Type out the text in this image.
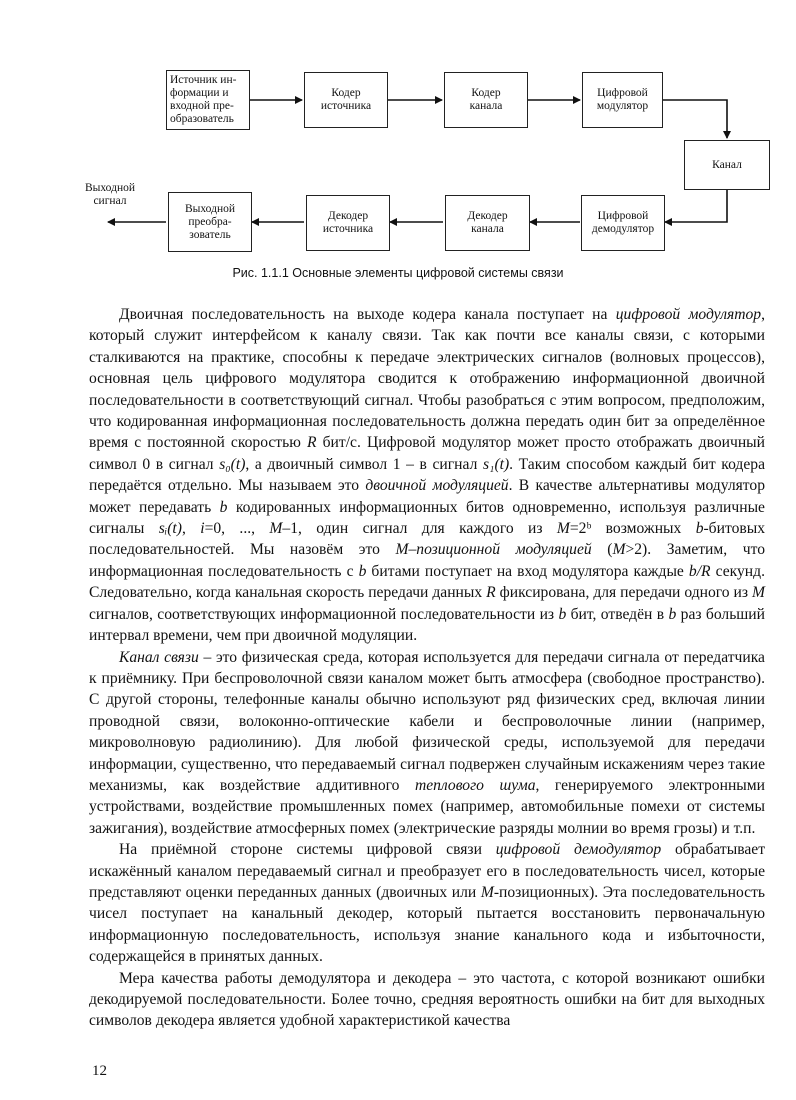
Источник ин-
формации и
входной пре-
образователь
Кодер
источника
Кодер
канала
Цифровой
модулятор
Канал
Цифровой
демодулятор
Декодер
канала
Декодер
источника
Выходной
преобра-
зователь
Выходной
сигнал
Рис. 1.1.1 Основные элементы цифровой системы связи

Двоичная последовательность на выходе кодера канала поступает на цифровой модулятор, который служит интерфейсом к каналу связи. Так как почти все каналы связи, с которыми сталкиваются на практике, способны к передаче электрических сигналов (волновых процессов), основная цель цифрового модулятора сводится к отображению информационной двоичной последовательности в соответствующий сигнал. Чтобы разобраться с этим вопросом, предположим, что кодированная информационная последовательность должна передать один бит за определённое время с постоянной скоростью R бит/с. Цифровой модулятор может просто отображать двоичный символ 0 в сигнал s₀(t), а двоичный символ 1 – в сигнал s₁(t). Таким способом каждый бит кодера передаётся отдельно. Мы называем это двоичной модуляцией. В качестве альтернативы модулятор может передавать b кодированных информационных битов одновременно, используя различные сигналы sᵢ(t), i=0, ..., M–1, один сигнал для каждого из M=2ᵇ возможных b-битовых последовательностей. Мы назовём это M–позиционной модуляцией (M>2). Заметим, что информационная последовательность с b битами поступает на вход модулятора каждые b/R секунд. Следовательно, когда канальная скорость передачи данных R фиксирована, для передачи одного из M сигналов, соответствующих информационной последовательности из b бит, отведён в b раз больший интервал времени, чем при двоичной модуляции.

Канал связи – это физическая среда, которая используется для передачи сигнала от передатчика к приёмнику. При беспроволочной связи каналом может быть атмосфера (свободное пространство). С другой стороны, телефонные каналы обычно используют ряд физических сред, включая линии проводной связи, волоконно-оптические кабели и беспроволочные линии (например, микроволновую радиолинию). Для любой физической среды, используемой для передачи информации, существенно, что передаваемый сигнал подвержен случайным искажениям через такие механизмы, как воздействие аддитивного теплового шума, генерируемого электронными устройствами, воздействие промышленных помех (например, автомобильные помехи от системы зажигания), воздействие атмосферных помех (электрические разряды молнии во время грозы) и т.п.

На приёмной стороне системы цифровой связи цифровой демодулятор обрабатывает искажённый каналом передаваемый сигнал и преобразует его в последовательность чисел, которые представляют оценки переданных данных (двоичных или M-позиционных). Эта последовательность чисел поступает на канальный декодер, который пытается восстановить первоначальную информационную последовательность, используя знание канального кода и избыточности, содержащейся в принятых данных.

Мера качества работы демодулятора и декодера – это частота, с которой возникают ошибки декодируемой последовательности. Более точно, средняя вероятность ошибки на бит для выходных символов декодера является удобной характеристикой качества

12
